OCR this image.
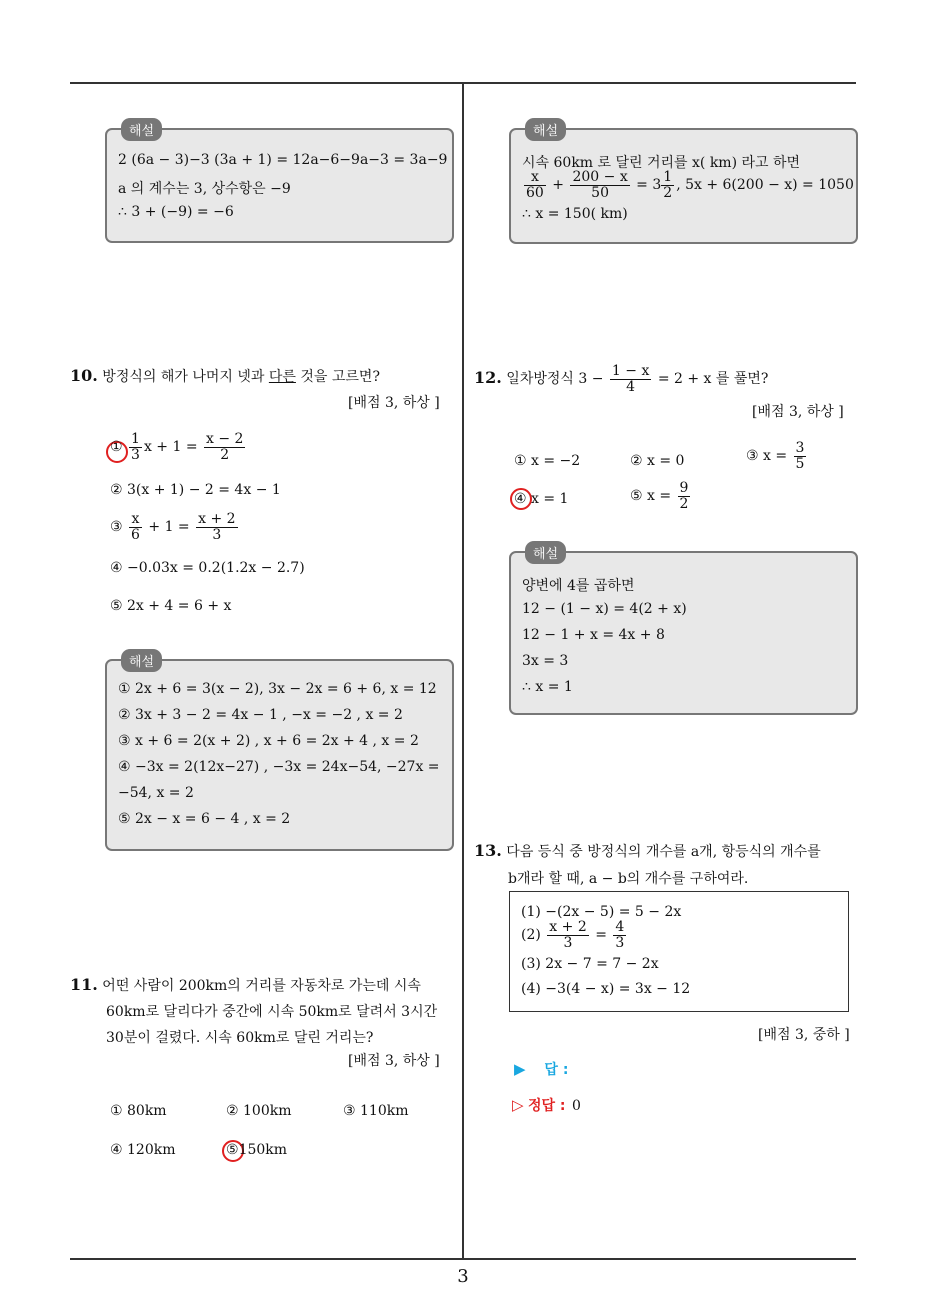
3
해설
2 (6a − 3)−3 (3a + 1) = 12a−6−9a−3 = 3a−9
a 의 계수는 3, 상수항은 −9
∴ 3 + (−9) = −6
해설
시속 60km 로 달린 거리를 x( km) 라고 하면
$\frac{x}{60} + \frac{200 - x}{50} = 3 \frac{1}{2}$ , 5x + 6(200 − x) = 1050
∴ x = 150( km)
10. 방정식의 해가 나머지 넷과 다른 것을 고르면?
[배점 3, 하상 ]
① $\frac{1}{3}$ $x + 1 = \frac{x - 2}{2}$
② 3(x + 1) − 2 = 4x − 1
③ $\frac{x}{6} + 1 = \frac{x + 2}{3}$
④ −0.03x = 0.2(1.2x − 2.7)
⑤ 2x + 4 = 6 + x
해설
① 2x + 6 = 3(x − 2), 3x − 2x = 6 + 6, x = 12
② 3x + 3 − 2 = 4x − 1 , −x = −2 , x = 2
③ x + 6 = 2(x + 2) , x + 6 = 2x + 4 , x = 2
④ −3x = 2(12x−27) , −3x = 24x−54, −27x =
−54, x = 2
⑤ 2x − x = 6 − 4 , x = 2
11. 어떤 사람이 200km의 거리를 자동차로 가는데 시속
60km로 달리다가 중간에 시속 50km로 달려서 3시간
30분이 걸렸다. 시속 60km로 달린 거리는?
[배점 3, 하상 ]
① 80km	② 100km	③ 110km
④ 120km	⑤150km
12. 일차방정식 $3 - \frac{1 - x}{4} = 2 + x$ 를 풀면?
[배점 3, 하상 ]
① x = −2	② x = 0	③ $x = \frac{3}{5}$
④ x = 1	⑤ $x = \frac{9}{2}$
해설
양변에 4를 곱하면
12 − (1 − x) = 4(2 + x)
12 − 1 + x = 4x + 8
3x = 3
∴ x = 1
13. 다음 등식 중 방정식의 개수를 a개, 항등식의 개수를
b개라 할 때, a − b의 개수를 구하여라.
(1) −(2x − 5) = 5 − 2x
$(2) \frac{x + 2}{3} = \frac{4}{3}$
(3) 2x − 7 = 7 − 2x
(4) −3(4 − x) = 3x − 12
[배점 3, 중하 ]
▶ 답 :
▷ 정답 : 0
